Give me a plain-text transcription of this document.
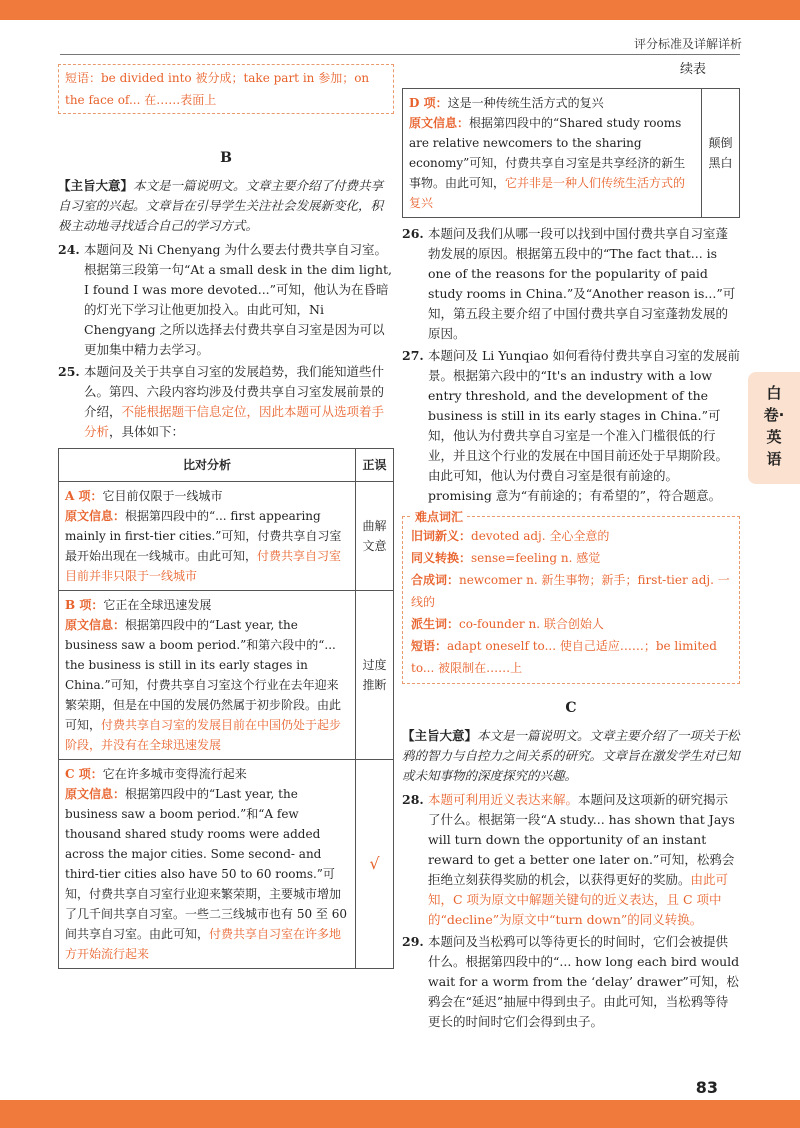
评分标准及详解详析
续表
短语：be divided into 被分成；take part in 参加；on the face of... 在……表面上
B

【主旨大意】本文是一篇说明文。文章主要介绍了付费共享自习室的兴起。文章旨在引导学生关注社会发展新变化，积极主动地寻找适合自己的学习方式。

24. 本题问及 Ni Chenyang 为什么要去付费共享自习室。根据第三段第一句“At a small desk in the dim light, I found I was more devoted...”可知，他认为在昏暗的灯光下学习让他更加投入。由此可知，Ni Chengyang 之所以选择去付费共享自习室是因为可以更加集中精力去学习。
25. 本题问及关于共享自习室的发展趋势，我们能知道些什么。第四、六段内容均涉及付费共享自习室发展前景的介绍，不能根据题干信息定位，因此本题可从选项着手分析，具体如下：
比对分析	正误

A 项：它目前仅限于一线城市
原文信息：根据第四段中的“... first appearing mainly in first-tier cities.”可知，付费共享自习室最开始出现在一线城市。由此可知，付费共享自习室目前并非只限于一线城市	曲解文意

B 项：它正在全球迅速发展
原文信息：根据第四段中的“Last year, the business saw a boom period.”和第六段中的“... the business is still in its early stages in China.”可知，付费共享自习室这个行业在去年迎来繁荣期，但是在中国的发展仍然属于初步阶段。由此可知，付费共享自习室的发展目前在中国仍处于起步阶段，并没有在全球迅速发展	过度推断

C 项：它在许多城市变得流行起来
原文信息：根据第四段中的“Last year, the business saw a boom period.”和“A few thousand shared study rooms were added across the major cities. Some second- and third-tier cities also have 50 to 60 rooms.”可知，付费共享自习室行业迎来繁荣期，主要城市增加了几千间共享自习室。一些二三线城市也有 50 至 60 间共享自习室。由此可知，付费共享自习室在许多地方开始流行起来	√
D 项：这是一种传统生活方式的复兴
原文信息：根据第四段中的“Shared study rooms are relative newcomers to the sharing economy”可知，付费共享自习室是共享经济的新生事物。由此可知，它并非是一种人们传统生活方式的复兴
	颠倒黑白
26. 本题问及我们从哪一段可以找到中国付费共享自习室蓬勃发展的原因。根据第五段中的“The fact that... is one of the reasons for the popularity of paid study rooms in China.”及“Another reason is...”可知，第五段主要介绍了中国付费共享自习室蓬勃发展的原因。
27. 本题问及 Li Yunqiao 如何看待付费共享自习室的发展前景。根据第六段中的“It's an industry with a low entry threshold, and the development of the business is still in its early stages in China.”可知，他认为付费共享自习室是一个准入门槛很低的行业，并且这个行业的发展在中国目前还处于早期阶段。由此可知，他认为付费自习室是很有前途的。promising 意为“有前途的；有希望的”，符合题意。
难点词汇
旧词新义：devoted adj. 全心全意的
同义转换：sense=feeling n. 感觉
合成词：newcomer n. 新生事物；新手；first-tier adj. 一线的
派生词：co-founder n. 联合创始人
短语：adapt oneself to... 使自己适应……；be limited to... 被限制在……上
C

【主旨大意】本文是一篇说明文。文章主要介绍了一项关于松鸦的智力与自控力之间关系的研究。文章旨在激发学生对已知或未知事物的深度探究的兴趣。

28. 本题可利用近义表达来解。本题问及这项新的研究揭示了什么。根据第一段“A study... has shown that Jays will turn down the opportunity of an instant reward to get a better one later on.”可知，松鸦会拒绝立刻获得奖励的机会，以获得更好的奖励。由此可知，C 项为原文中解题关键句的近义表达，且 C 项中的“decline”为原文中“turn down”的同义转换。
29. 本题问及当松鸦可以等待更长的时间时，它们会被提供什么。根据第四段中的“... how long each bird would wait for a worm from the ‘delay’ drawer”可知，松鸦会在“延迟”抽屉中得到虫子。由此可知，当松鸦等待更长的时间时它们会得到虫子。
白卷·英语
83
